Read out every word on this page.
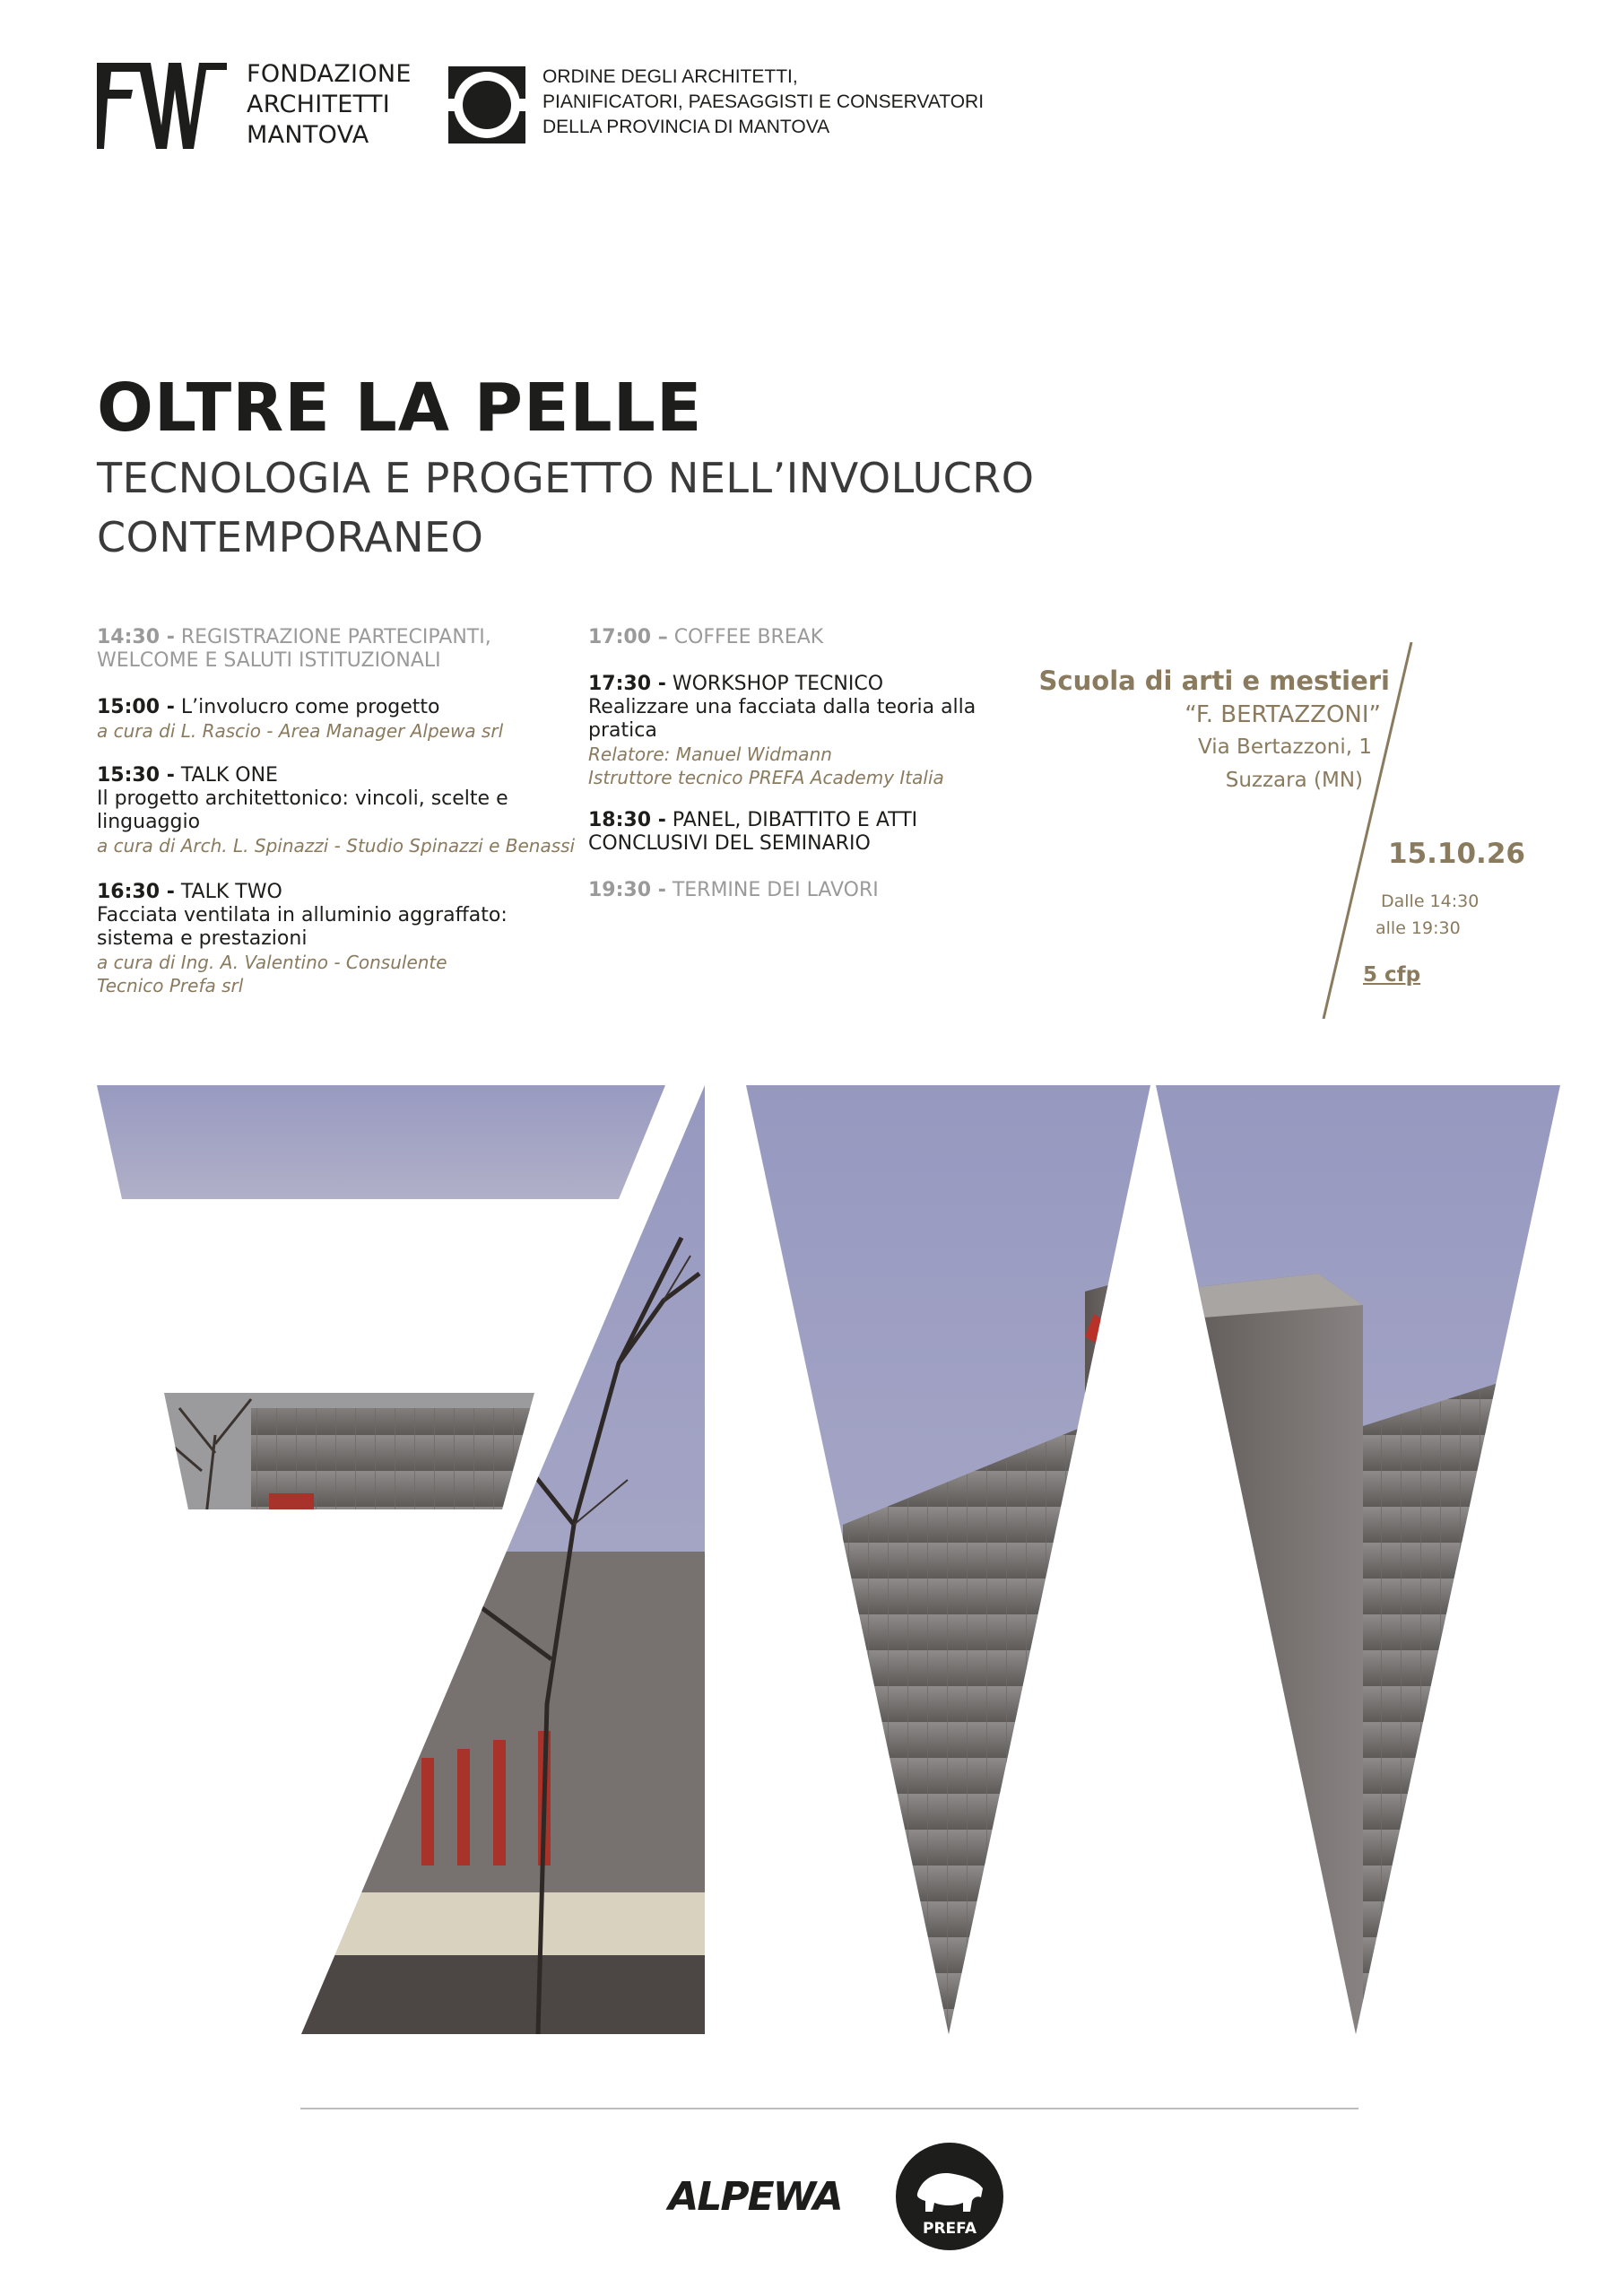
FONDAZIONE
ARCHITETTI
MANTOVA
ORDINE DEGLI ARCHITETTI,
PIANIFICATORI, PAESAGGISTI E CONSERVATORI
DELLA PROVINCIA DI MANTOVA
OLTRE LA PELLE
TECNOLOGIA E PROGETTO NELL’INVOLUCRO CONTEMPORANEO
14:30 - REGISTRAZIONE PARTECIPANTI, WELCOME E SALUTI ISTITUZIONALI
15:00 - L’involucro come progetto
a cura di L. Rascio - Area Manager Alpewa srl
15:30 - TALK ONE
Il progetto architettonico: vincoli, scelte e linguaggio
a cura di Arch. L. Spinazzi - Studio Spinazzi e Benassi
16:30 - TALK TWO
Facciata ventilata in alluminio aggraffato: sistema e prestazioni
a cura di Ing. A. Valentino - Consulente Tecnico Prefa srl
17:00 – COFFEE BREAK
17:30 - WORKSHOP TECNICO
Realizzare una facciata dalla teoria alla pratica
Relatore: Manuel Widmann
Istruttore tecnico PREFA Academy Italia
18:30 - PANEL, DIBATTITO E ATTI CONCLUSIVI DEL SEMINARIO
19:30 - TERMINE DEI LAVORI
Scuola di arti e mestieri
“F. BERTAZZONI”
Via Bertazzoni, 1
Suzzara (MN)
15.10.26
Dalle 14:30
alle 19:30
5 cfp
ALPEWA
PREFA
